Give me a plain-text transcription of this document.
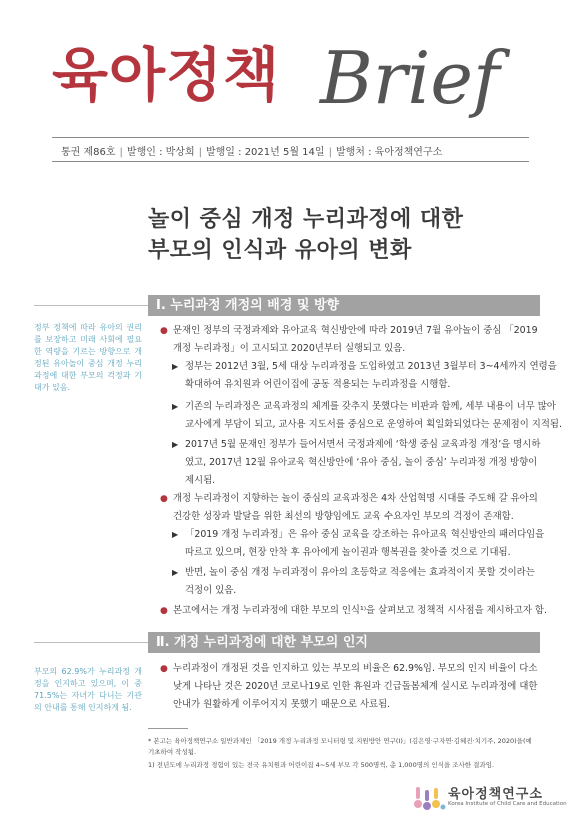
육아정책 Brief
통권 제86호 | 발행인 : 박상희 | 발행일 : 2021년 5월 14일 | 발행처 : 육아정책연구소
놀이 중심 개정 누리과정에 대한
부모의 인식과 유아의 변화
Ⅰ. 누리과정 개정의 배경 및 방향
정부 정책에 따라 유아의 권리를 보장하고 미래 사회에 필요한 역량을 기르는 방향으로 개정된 유아놀이 중심 개정 누리과정에 대한 부모의 걱정과 기대가 있음.
● 문재인 정부의 국정과제와 유아교육 혁신방안에 따라 2019년 7월 유아놀이 중심 「2019
개정 누리과정」이 고시되고 2020년부터 실행되고 있음.
▶ 정부는 2012년 3월, 5세 대상 누리과정을 도입하였고 2013년 3월부터 3~4세까지 연령을
확대하여 유치원과 어린이집에 공동 적용되는 누리과정을 시행함.
▶ 기존의 누리과정은 교육과정의 체계를 갖추지 못했다는 비판과 함께, 세부 내용이 너무 많아
교사에게 부담이 되고, 교사용 지도서를 중심으로 운영하여 획일화되었다는 문제점이 지적됨.
▶ 2017년 5월 문재인 정부가 들어서면서 국정과제에 ‘학생 중심 교육과정 개정’을 명시하
였고, 2017년 12월 유아교육 혁신방안에 ‘유아 중심, 놀이 중심’ 누리과정 개정 방향이
제시됨.
● 개정 누리과정이 지향하는 놀이 중심의 교육과정은 4차 산업혁명 시대를 주도해 갈 유아의
건강한 성장과 발달을 위한 최선의 방향임에도 교육 수요자인 부모의 걱정이 존재함.
▶ 「2019 개정 누리과정」은 유아 중심 교육을 강조하는 유아교육 혁신방안의 패러다임을
따르고 있으며, 현장 안착 후 유아에게 놀이권과 행복권을 찾아줄 것으로 기대됨.
▶ 반면, 놀이 중심 개정 누리과정이 유아의 초등학교 적응에는 효과적이지 못할 것이라는
걱정이 있음.
● 본고에서는 개정 누리과정에 대한 부모의 인식¹⁾을 살펴보고 정책적 시사점을 제시하고자 함.
Ⅱ. 개정 누리과정에 대한 부모의 인지
부모의 62.9%가 누리과정 개정을 인지하고 있으며, 이 중 71.5%는 자녀가 다니는 기관의 안내를 통해 인지하게 됨.
● 누리과정이 개정된 것을 인지하고 있는 부모의 비율은 62.9%임. 부모의 인지 비율이 다소
낮게 나타난 것은 2020년 코로나19로 인한 휴원과 긴급돌봄체계 실시로 누리과정에 대한
안내가 원활하게 이루어지지 못했기 때문으로 사료됨.
* 본고는 육아정책연구소 일반과제인 「2019 개정 누리과정 모니터링 및 지원방안 연구(Ⅰ)」(김은영·구자연·김혜진·치기주, 2020)을(예
기초하여 작성됨.
1) 전년도에 누리과정 경험이 있는 전국 유치원과 어린이집 4~5세 부모 각 500명씩, 총 1,000명의 인식을 조사한 결과임.
육아정책연구소
Korea Institute of Child Care and Education
